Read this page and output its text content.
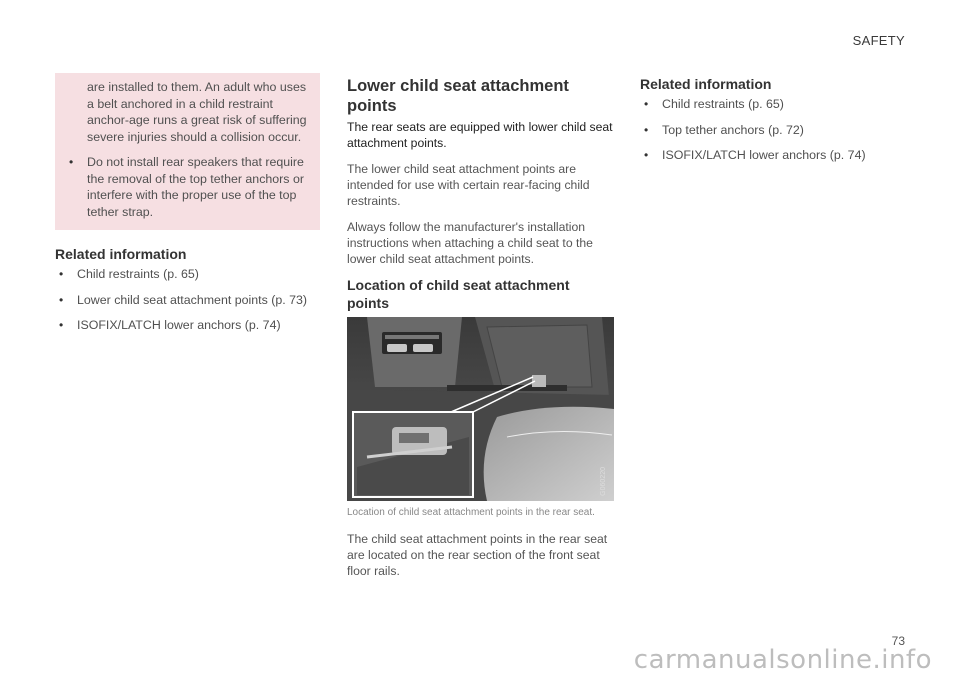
SAFETY
are installed to them. An adult who uses a belt anchored in a child restraint anchor-age runs a great risk of suffering severe injuries should a collision occur.
• Do not install rear speakers that require the removal of the top tether anchors or interfere with the proper use of the top tether strap.
Related information
• Child restraints (p. 65)
• Lower child seat attachment points (p. 73)
• ISOFIX/LATCH lower anchors (p. 74)
Lower child seat attachment points

The rear seats are equipped with lower child seat attachment points.

The lower child seat attachment points are intended for use with certain rear-facing child restraints.

Always follow the manufacturer's installation instructions when attaching a child seat to the lower child seat attachment points.

Location of child seat attachment points
G060220
Location of child seat attachment points in the rear seat.

The child seat attachment points in the rear seat are located on the rear section of the front seat floor rails.

Related information
• Child restraints (p. 65)
• Top tether anchors (p. 72)
• ISOFIX/LATCH lower anchors (p. 74)
73
carmanualsonline.info
